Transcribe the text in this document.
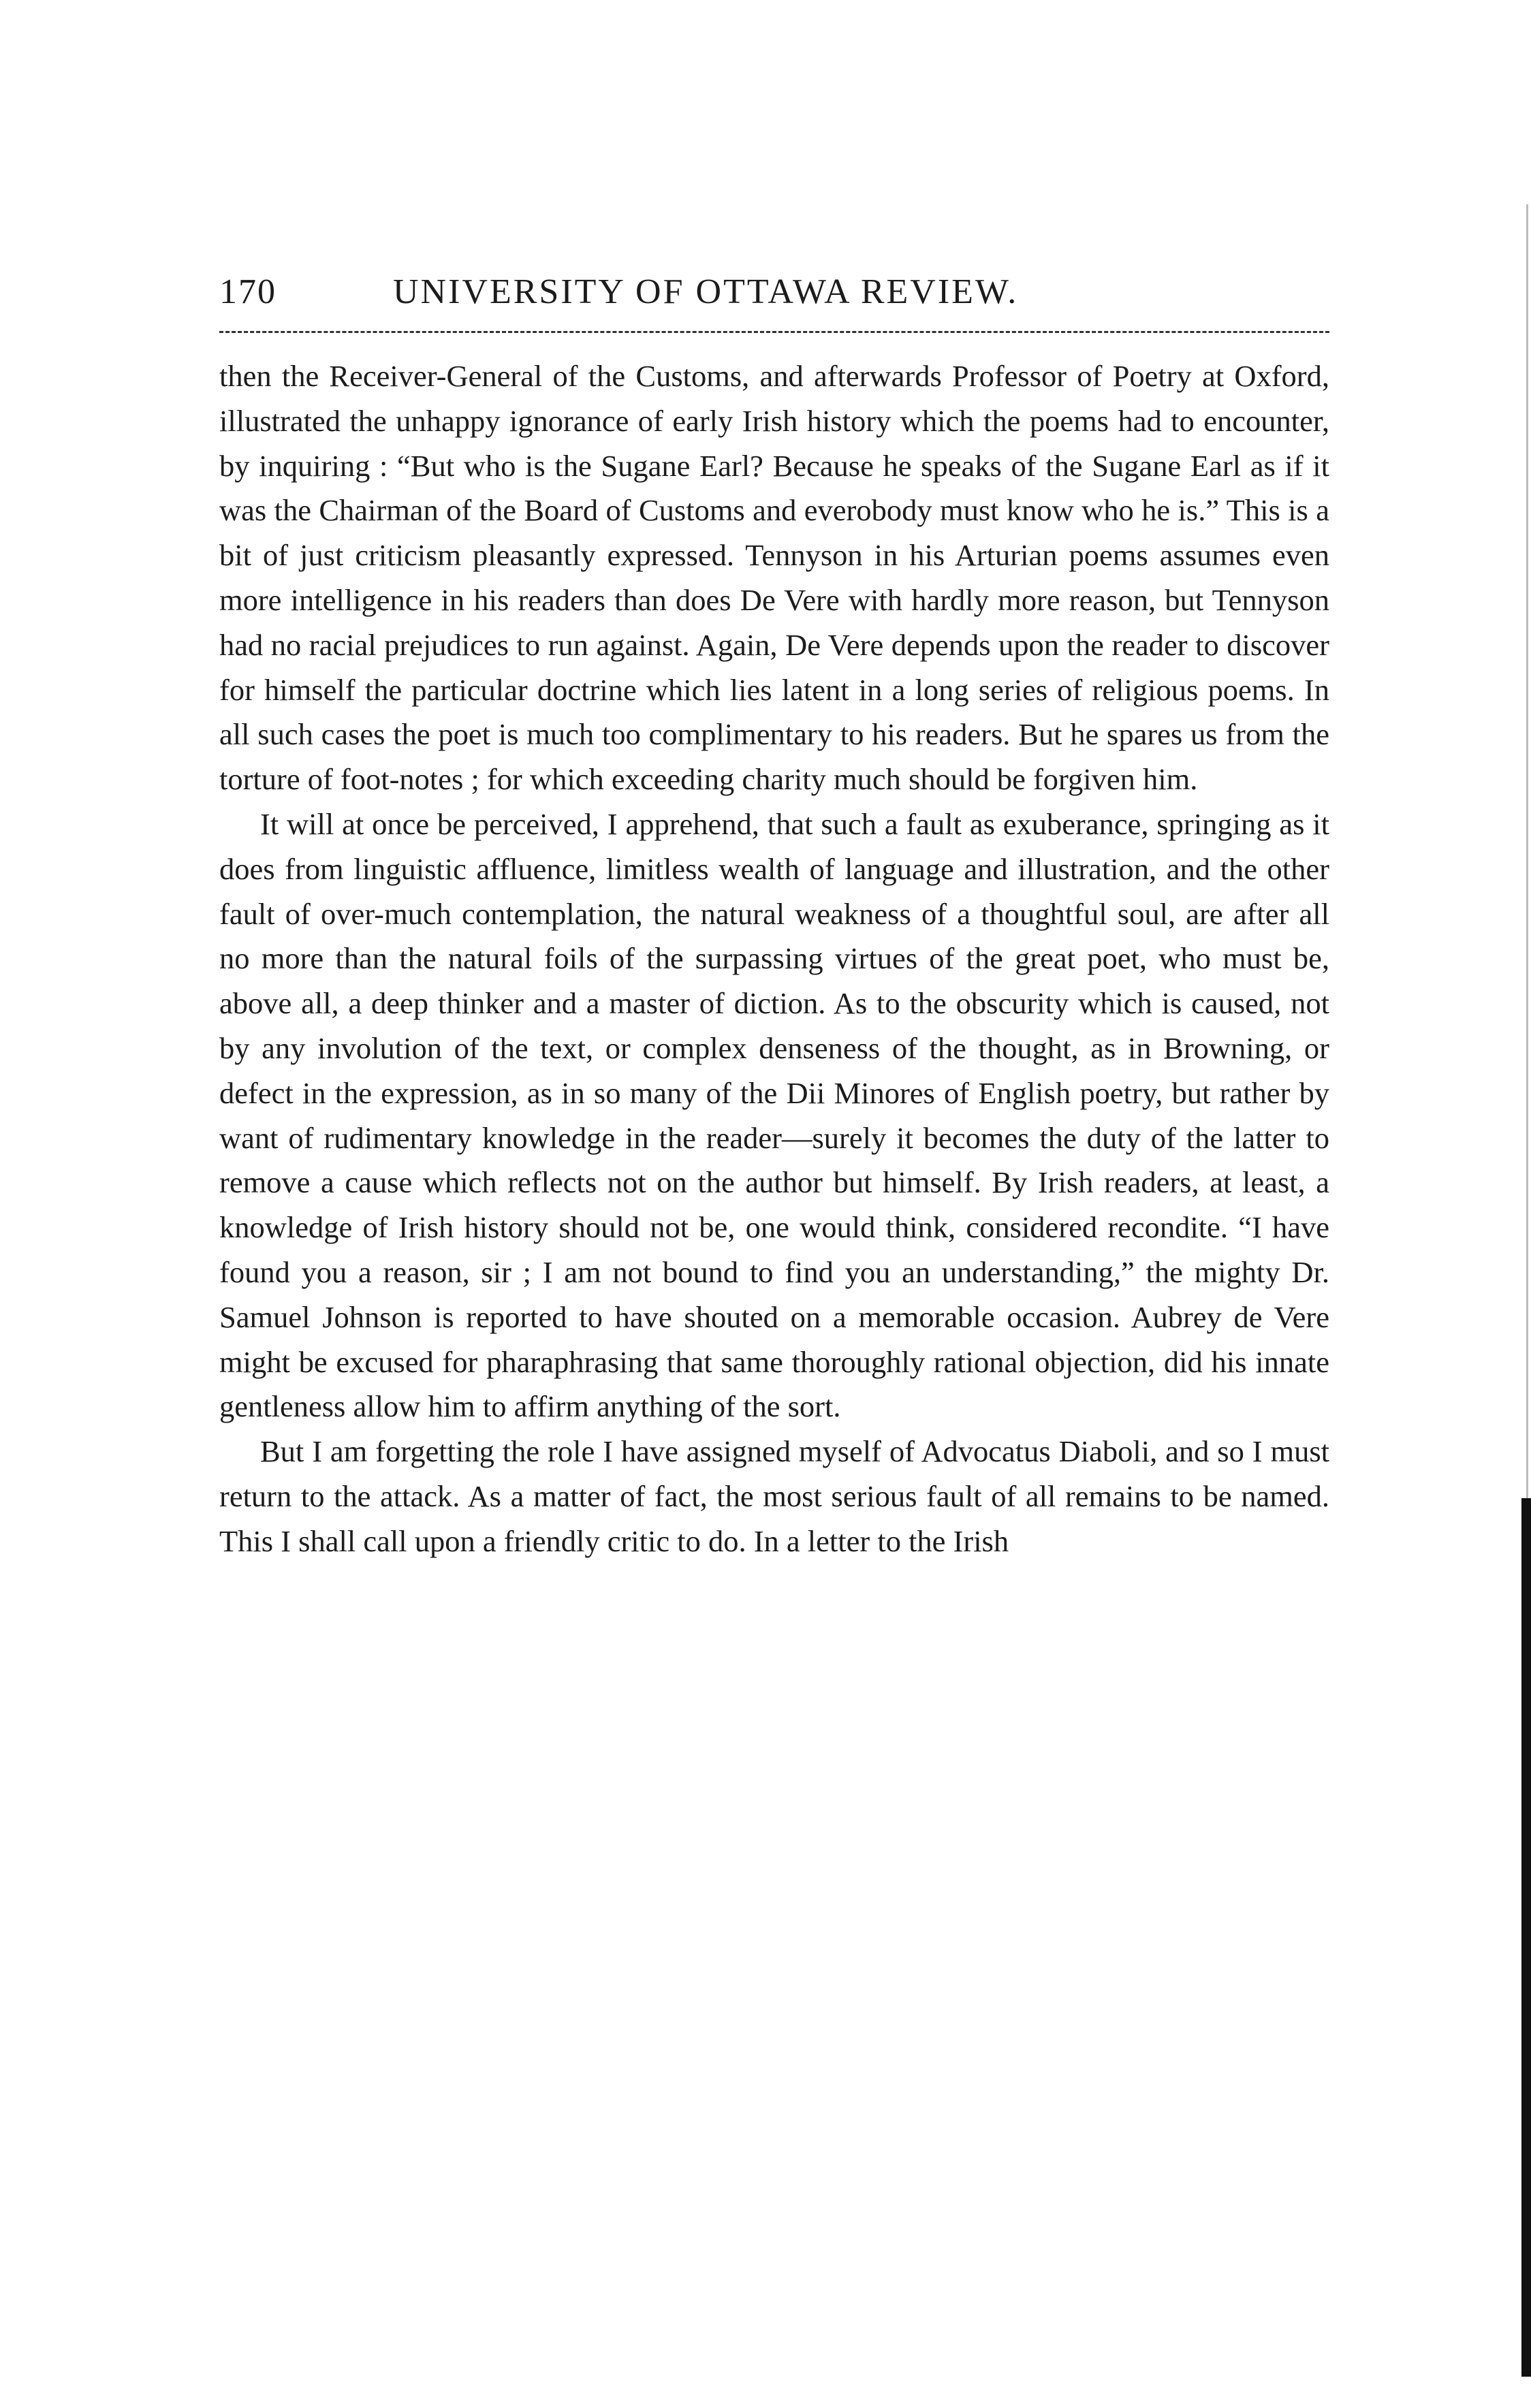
170	UNIVERSITY OF OTTAWA REVIEW.

then the Receiver-General of the Customs, and afterwards Professor of Poetry at Oxford, illustrated the unhappy ignorance of early Irish history which the poems had to encounter, by inquiring : “But who is the Sugane Earl? Because he speaks of the Sugane Earl as if it was the Chairman of the Board of Customs and everobody must know who he is.” This is a bit of just criticism pleasantly expressed. Tennyson in his Arturian poems assumes even more intelligence in his readers than does De Vere with hardly more reason, but Tennyson had no racial prejudices to run against. Again, De Vere depends upon the reader to discover for himself the particular doctrine which lies latent in a long series of religious poems. In all such cases the poet is much too complimentary to his readers. But he spares us from the torture of foot-notes ; for which exceeding charity much should be forgiven him.

It will at once be perceived, I apprehend, that such a fault as exuberance, springing as it does from linguistic affluence, limitless wealth of language and illustration, and the other fault of over-much contemplation, the natural weakness of a thoughtful soul, are after all no more than the natural foils of the surpassing virtues of the great poet, who must be, above all, a deep thinker and a master of diction. As to the obscurity which is caused, not by any involution of the text, or complex denseness of the thought, as in Browning, or defect in the expression, as in so many of the Dii Minores of English poetry, but rather by want of rudimentary knowledge in the reader—surely it becomes the duty of the latter to remove a cause which reflects not on the author but himself. By Irish readers, at least, a knowledge of Irish history should not be, one would think, considered recondite. “I have found you a reason, sir ; I am not bound to find you an understanding,” the mighty Dr. Samuel Johnson is reported to have shouted on a memorable occasion. Aubrey de Vere might be excused for pharaphrasing that same thoroughly rational objection, did his innate gentleness allow him to affirm anything of the sort.

But I am forgetting the role I have assigned myself of Advocatus Diaboli, and so I must return to the attack. As a matter of fact, the most serious fault of all remains to be named. This I shall call upon a friendly critic to do. In a letter to the Irish
